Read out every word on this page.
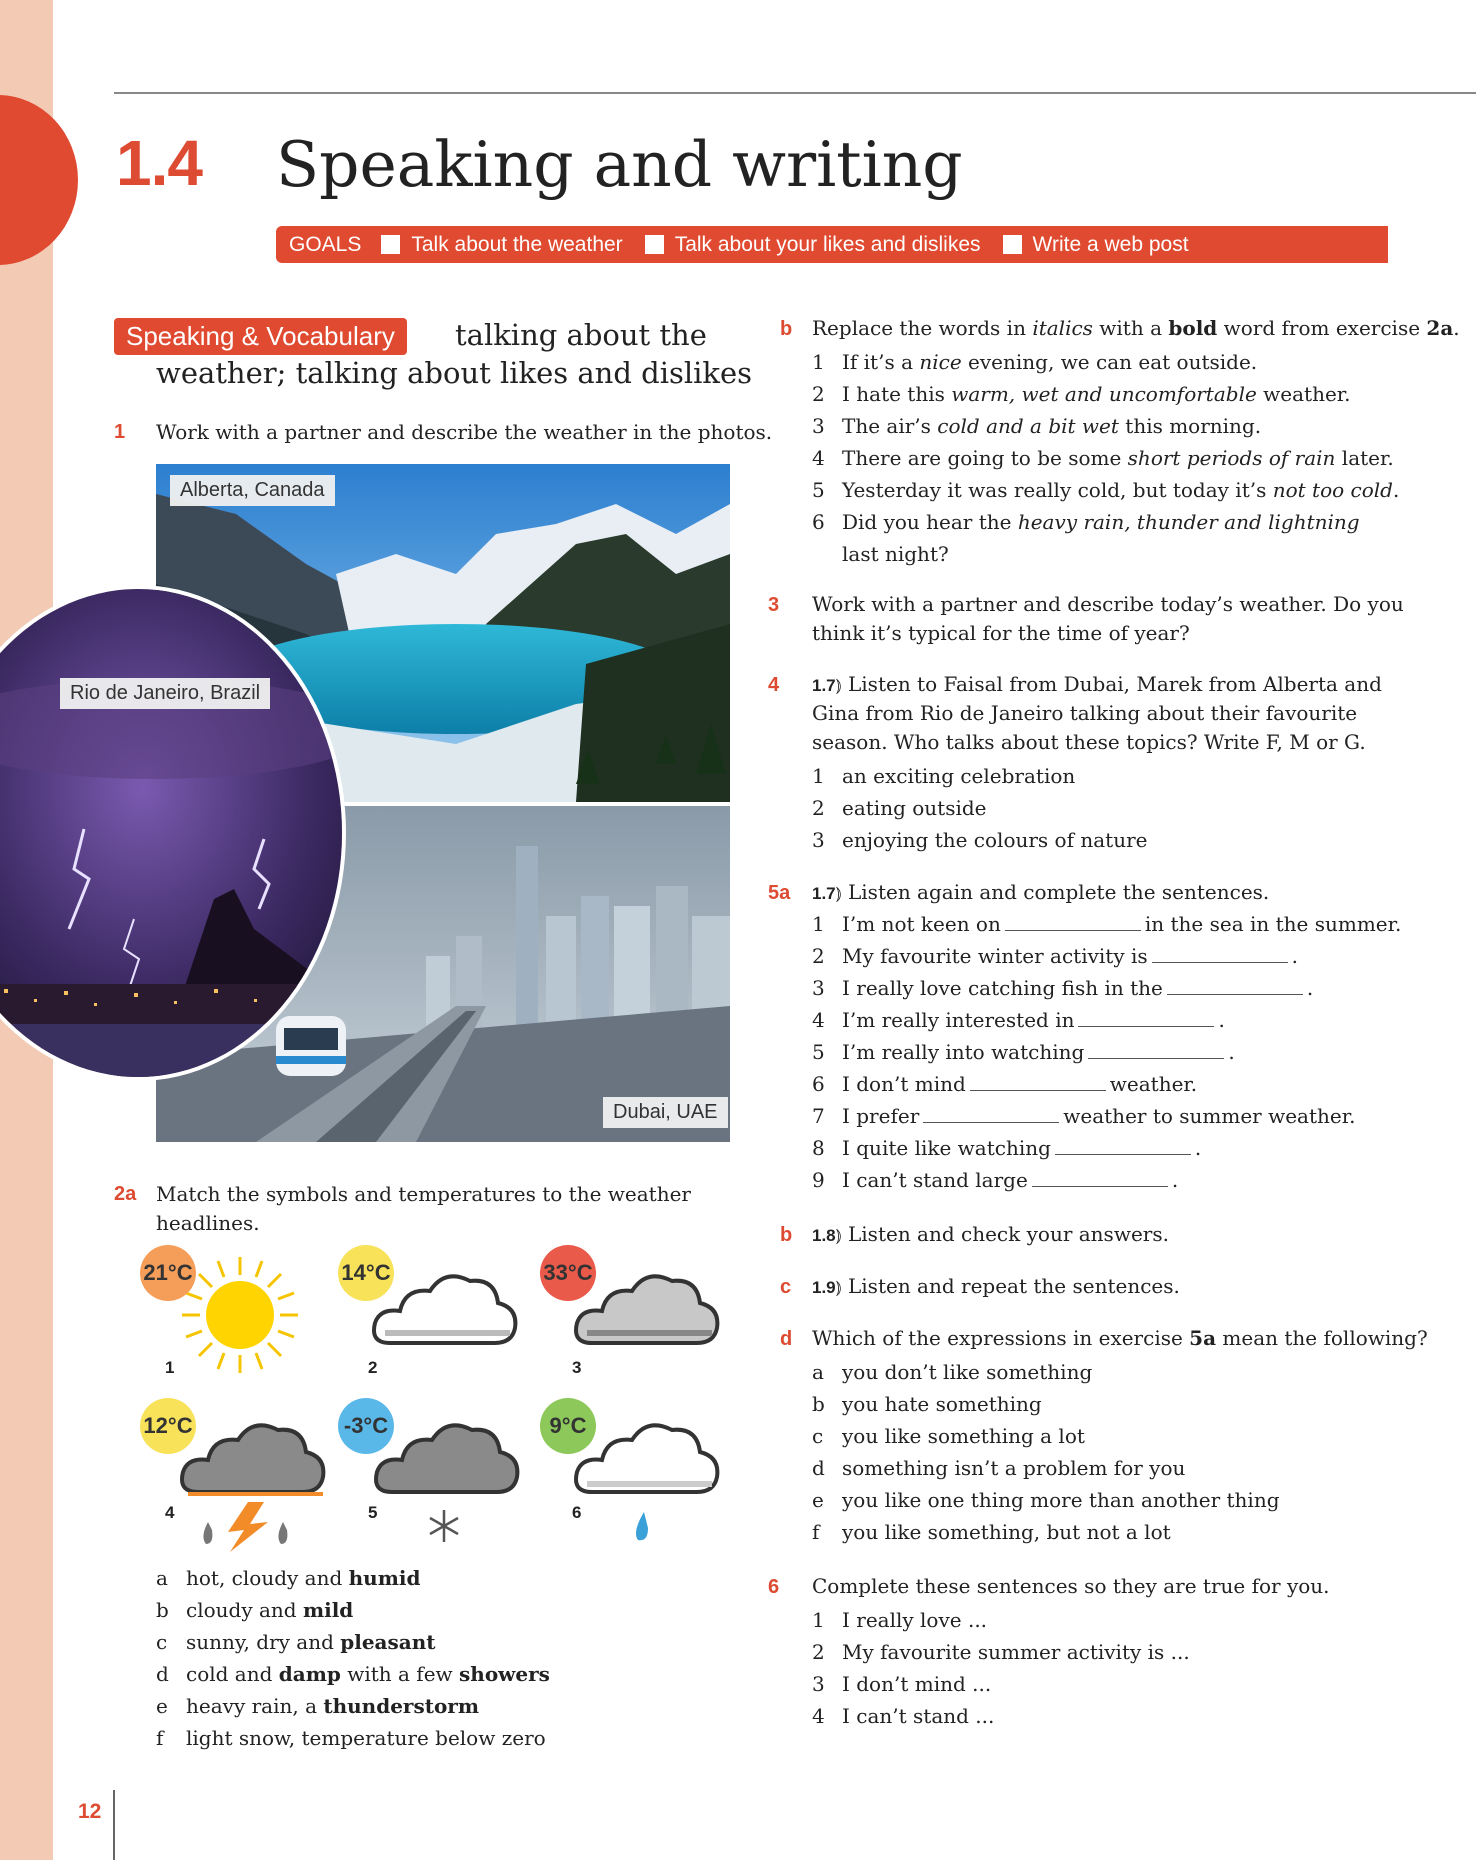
1.4 Speaking and writing
GOALS Talk about the weather Talk about your likes and dislikes Write a web post
Speaking & Vocabulary	talking about the
weather; talking about likes and dislikes
1 Work with a partner and describe the weather in the photos.
Alberta, Canada
Dubai, UAE
Rio de Janeiro, Brazil
2a Match the symbols and temperatures to the weather
headlines.
21°C
1
14°C
2
33°C
3
12°C
4
-3°C
5
9°C
6
a hot, cloudy and humid
b cloudy and mild
c sunny, dry and pleasant
d cold and damp with a few showers
e heavy rain, a thunderstorm
f	light snow, temperature below zero
b Replace the words in italics with a bold word from exercise 2a.
1 If it’s a nice evening, we can eat outside.
2 I hate this warm, wet and uncomfortable weather.
3 The air’s cold and a bit wet this morning.
4 There are going to be some short periods of rain later.
5 Yesterday it was really cold, but today it’s not too cold.
6 Did you hear the heavy rain, thunder and lightning
last night?
3 Work with a partner and describe today’s weather. Do you
think it’s typical for the time of year?
4 1.7⦆ Listen to Faisal from Dubai, Marek from Alberta and
Gina from Rio de Janeiro talking about their favourite
season. Who talks about these topics? Write F, M or G.
1 an exciting celebration
2 eating outside
3 enjoying the colours of nature
5a 1.7⦆ Listen again and complete the sentences.
1 I’m not keen on	in the sea in the summer.
2 My favourite winter activity is	.
3 I really love catching fish in the	.
4 I’m really interested in	.
5 I’m really into watching	.
6 I don’t mind	weather.
7 I prefer	weather to summer weather.
8 I quite like watching	.
9 I can’t stand large	.
b 1.8⦆ Listen and check your answers.
c 1.9⦆ Listen and repeat the sentences.
d Which of the expressions in exercise 5a mean the following?
a you don’t like something
b you hate something
c you like something a lot
d something isn’t a problem for you
e you like one thing more than another thing
f	you like something, but not a lot
6 Complete these sentences so they are true for you.
1 I really love ...
2 My favourite summer activity is ...
3 I don’t mind ...
4 I can’t stand ...
12
